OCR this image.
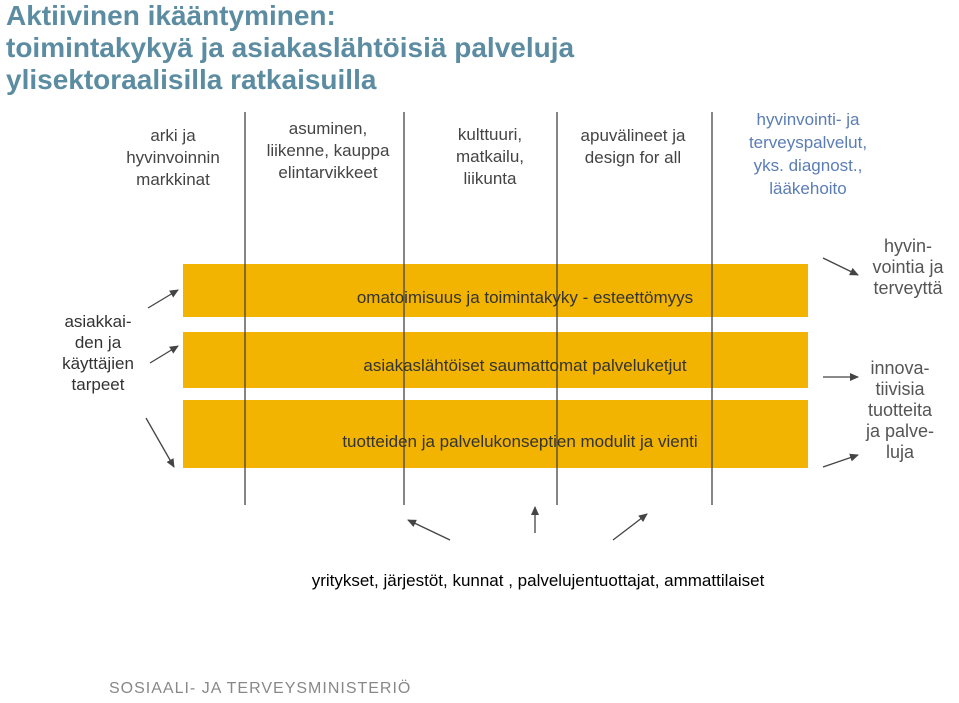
Aktiivinen ikääntyminen:
toimintakykyä ja asiakaslähtöisiä palveluja
ylisektoraalisilla ratkaisuilla
arki ja
hyvinvoinnin
markkinat
asuminen,
liikenne, kauppa
elintarvikkeet
kulttuuri,
matkailu,
liikunta
apuvälineet ja
design for all
hyvinvointi- ja
terveyspalvelut,
yks. diagnost.,
lääkehoito
omatoimisuus ja toimintakyky - esteettömyys
asiakaslähtöiset saumattomat palveluketjut
tuotteiden ja palvelukonseptien modulit ja vienti
asiakkai-
den ja
käyttäjien
tarpeet
hyvin-
vointia ja
terveyttä
innova-
tiivisia
tuotteita
ja palve-
luja
yritykset, järjestöt, kunnat , palvelujentuottajat, ammattilaiset
SOSIAALI- JA TERVEYSMINISTERIÖ
